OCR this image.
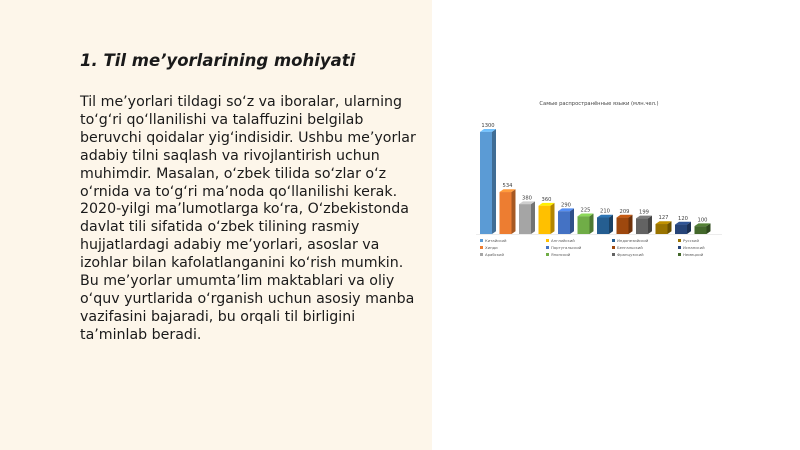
1. Til me’yorlarining mohiyati

Til me’yorlari tildagi so‘z va iboralar, ularning to‘g‘ri qo‘llanilishi va talaffuzini belgilab beruvchi qoidalar yig‘indisidir. Ushbu me’yorlar adabiy tilni saqlash va rivojlantirish uchun muhimdir. Masalan, o‘zbek tilida so‘zlar o‘z o‘rnida va to‘g‘ri ma’noda qo‘llanilishi kerak. 2020-yilgi ma’lumotlarga ko‘ra, O‘zbekistonda davlat tili sifatida o‘zbek tilining rasmiy hujjatlardagi adabiy me’yorlari, asoslar va izohlar bilan kafolatlanganini ko‘rish mumkin. Bu me’yorlar umumta’lim maktablari va oliy o‘quv yurtlarida o‘rganish uchun asosiy manba vazifasini bajaradi, bu orqali til birligini ta’minlab beradi.

Самые распространённые языки (млн.чел.)
1300
534
380 360
290
225 210 209 199
127 120 100
Китайский
Хинди
Арабский
Английский
Португальский
Японский
Индонезийский
Бенгальский
Французский
Русский
Испанский
Немецкий
